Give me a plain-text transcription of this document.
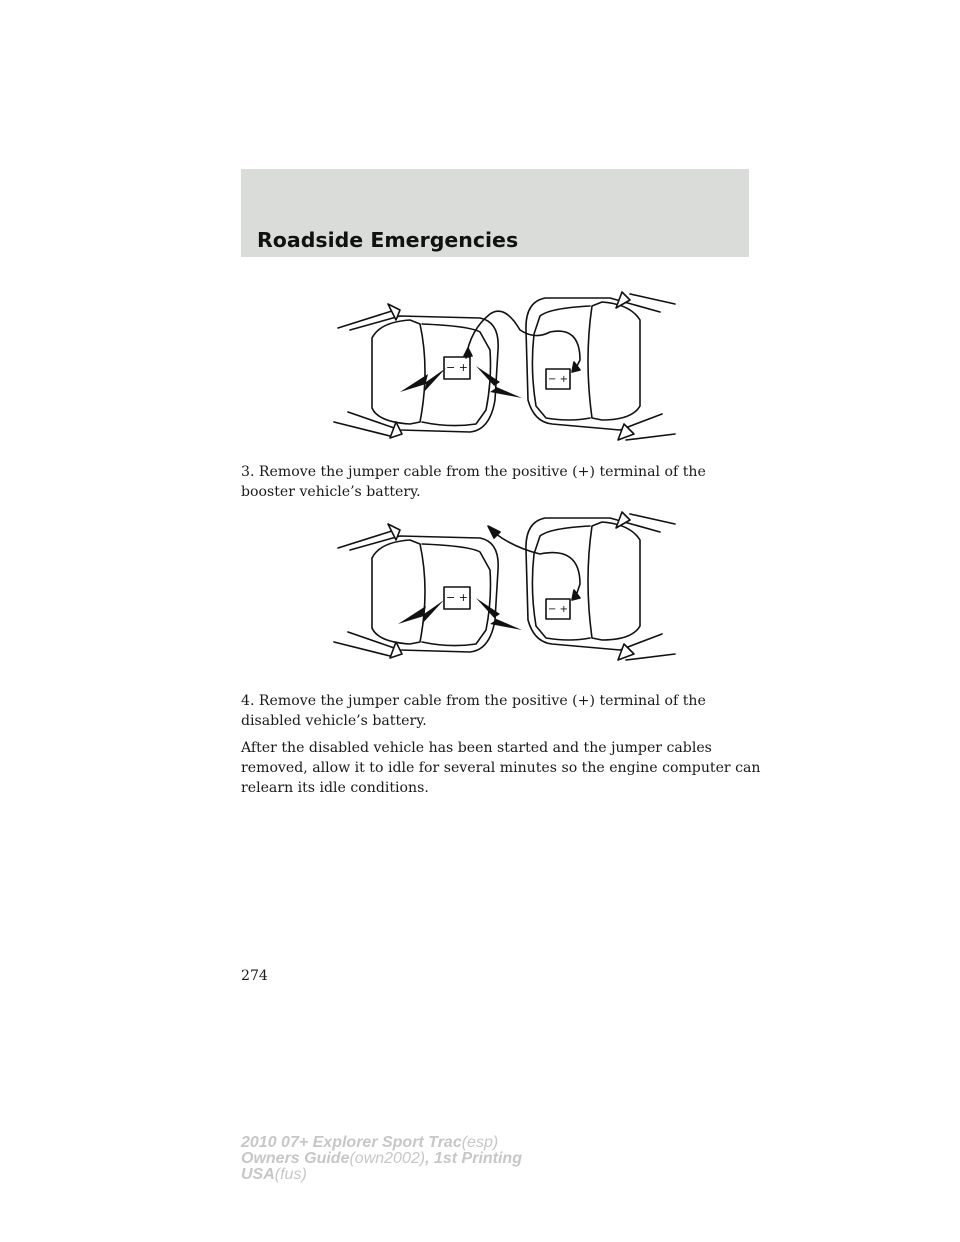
Roadside Emergencies
− +
− +

3. Remove the jumper cable from the positive (+) terminal of the booster vehicle’s battery.

− +
− +

4. Remove the jumper cable from the positive (+) terminal of the disabled vehicle’s battery.

After the disabled vehicle has been started and the jumper cables removed, allow it to idle for several minutes so the engine computer can relearn its idle conditions.

274

2010 07+ Explorer Sport Trac(esp)
Owners Guide(own2002), 1st Printing
USA(fus)
